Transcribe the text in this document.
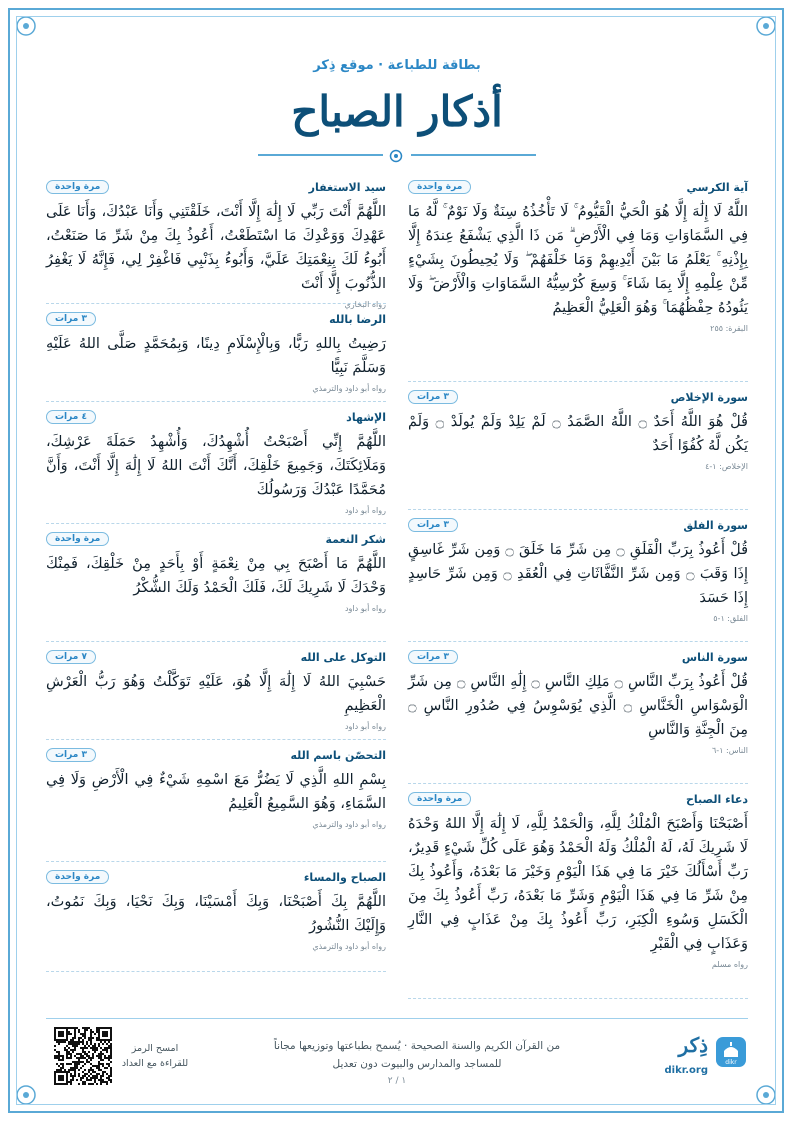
بطاقة للطباعة · موقع ذِكر
أذكار الصباح
آية الكرسي
مرة واحدة
اللَّهُ لَا إِلَٰهَ إِلَّا هُوَ الْحَيُّ الْقَيُّومُ ۚ لَا تَأْخُذُهُ سِنَةٌ وَلَا نَوْمٌ ۚ لَّهُ مَا فِي السَّمَاوَاتِ وَمَا فِي الْأَرْضِ ۗ مَن ذَا الَّذِي يَشْفَعُ عِندَهُ إِلَّا بِإِذْنِهِ ۚ يَعْلَمُ مَا بَيْنَ أَيْدِيهِمْ وَمَا خَلْفَهُمْ ۖ وَلَا يُحِيطُونَ بِشَيْءٍ مِّنْ عِلْمِهِ إِلَّا بِمَا شَاءَ ۚ وَسِعَ كُرْسِيُّهُ السَّمَاوَاتِ وَالْأَرْضَ ۖ وَلَا يَئُودُهُ حِفْظُهُمَا ۚ وَهُوَ الْعَلِيُّ الْعَظِيمُ
البقرة: ٢٥٥
سورة الإخلاص
٣ مرات
قُلْ هُوَ اللَّهُ أَحَدٌ ۝ اللَّهُ الصَّمَدُ ۝ لَمْ يَلِدْ وَلَمْ يُولَدْ ۝ وَلَمْ يَكُن لَّهُ كُفُوًا أَحَدٌ
الإخلاص: ١-٤
سورة الفلق
٣ مرات
قُلْ أَعُوذُ بِرَبِّ الْفَلَقِ ۝ مِن شَرِّ مَا خَلَقَ ۝ وَمِن شَرِّ غَاسِقٍ إِذَا وَقَبَ ۝ وَمِن شَرِّ النَّفَّاثَاتِ فِي الْعُقَدِ ۝ وَمِن شَرِّ حَاسِدٍ إِذَا حَسَدَ
الفلق: ١-٥
سورة الناس
٣ مرات
قُلْ أَعُوذُ بِرَبِّ النَّاسِ ۝ مَلِكِ النَّاسِ ۝ إِلَٰهِ النَّاسِ ۝ مِن شَرِّ الْوَسْوَاسِ الْخَنَّاسِ ۝ الَّذِي يُوَسْوِسُ فِي صُدُورِ النَّاسِ ۝ مِنَ الْجِنَّةِ وَالنَّاسِ
الناس: ١-٦
دعاء الصباح
مرة واحدة
أَصْبَحْنَا وَأَصْبَحَ الْمُلْكُ لِلَّهِ، وَالْحَمْدُ لِلَّهِ، لَا إِلَٰهَ إِلَّا اللهُ وَحْدَهُ لَا شَرِيكَ لَهُ، لَهُ الْمُلْكُ وَلَهُ الْحَمْدُ وَهُوَ عَلَى كُلِّ شَيْءٍ قَدِيرٌ، رَبِّ أَسْأَلُكَ خَيْرَ مَا فِي هَذَا الْيَوْمِ وَخَيْرَ مَا بَعْدَهُ، وَأَعُوذُ بِكَ مِنْ شَرِّ مَا فِي هَذَا الْيَوْمِ وَشَرِّ مَا بَعْدَهُ، رَبِّ أَعُوذُ بِكَ مِنَ الْكَسَلِ وَسُوءِ الْكِبَرِ، رَبِّ أَعُوذُ بِكَ مِنْ عَذَابٍ فِي النَّارِ وَعَذَابٍ فِي الْقَبْرِ
رواه مسلم
سيد الاستغفار
مرة واحدة
اللَّهُمَّ أَنْتَ رَبِّي لَا إِلَٰهَ إِلَّا أَنْتَ، خَلَقْتَنِي وَأَنَا عَبْدُكَ، وَأَنَا عَلَى عَهْدِكَ وَوَعْدِكَ مَا اسْتَطَعْتُ، أَعُوذُ بِكَ مِنْ شَرِّ مَا صَنَعْتُ، أَبُوءُ لَكَ بِنِعْمَتِكَ عَلَيَّ، وَأَبُوءُ بِذَنْبِي فَاغْفِرْ لِي، فَإِنَّهُ لَا يَغْفِرُ الذُّنُوبَ إِلَّا أَنْتَ
رواه البخاري
الرضا بالله
٣ مرات
رَضِيتُ بِاللهِ رَبًّا، وَبِالْإِسْلَامِ دِينًا، وَبِمُحَمَّدٍ صَلَّى اللهُ عَلَيْهِ وَسَلَّمَ نَبِيًّا
رواه أبو داود والترمذي
الإشهاد
٤ مرات
اللَّهُمَّ إِنِّي أَصْبَحْتُ أُشْهِدُكَ، وَأُشْهِدُ حَمَلَةَ عَرْشِكَ، وَمَلَائِكَتَكَ، وَجَمِيعَ خَلْقِكَ، أَنَّكَ أَنْتَ اللهُ لَا إِلَٰهَ إِلَّا أَنْتَ، وَأَنَّ مُحَمَّدًا عَبْدُكَ وَرَسُولُكَ
رواه أبو داود
شكر النعمة
مرة واحدة
اللَّهُمَّ مَا أَصْبَحَ بِي مِنْ نِعْمَةٍ أَوْ بِأَحَدٍ مِنْ خَلْقِكَ، فَمِنْكَ وَحْدَكَ لَا شَرِيكَ لَكَ، فَلَكَ الْحَمْدُ وَلَكَ الشُّكْرُ
رواه أبو داود
التوكل على الله
٧ مرات
حَسْبِيَ اللهُ لَا إِلَٰهَ إِلَّا هُوَ، عَلَيْهِ تَوَكَّلْتُ وَهُوَ رَبُّ الْعَرْشِ الْعَظِيمِ
رواه أبو داود
التحصّن باسم الله
٣ مرات
بِسْمِ اللهِ الَّذِي لَا يَضُرُّ مَعَ اسْمِهِ شَيْءٌ فِي الْأَرْضِ وَلَا فِي السَّمَاءِ، وَهُوَ السَّمِيعُ الْعَلِيمُ
رواه أبو داود والترمذي
الصباح والمساء
مرة واحدة
اللَّهُمَّ بِكَ أَصْبَحْنَا، وَبِكَ أَمْسَيْنَا، وَبِكَ نَحْيَا، وَبِكَ نَمُوتُ، وَإِلَيْكَ النُّشُورُ
رواه أبو داود والترمذي
dikr
ذِكر
dikr.org
من القرآن الكريم والسنة الصحيحة · يُسمح بطباعتها وتوزيعها مجاناً
للمساجد والمدارس والبيوت دون تعديل
١ / ٢
امسح الرمز
للقراءة مع العداد
